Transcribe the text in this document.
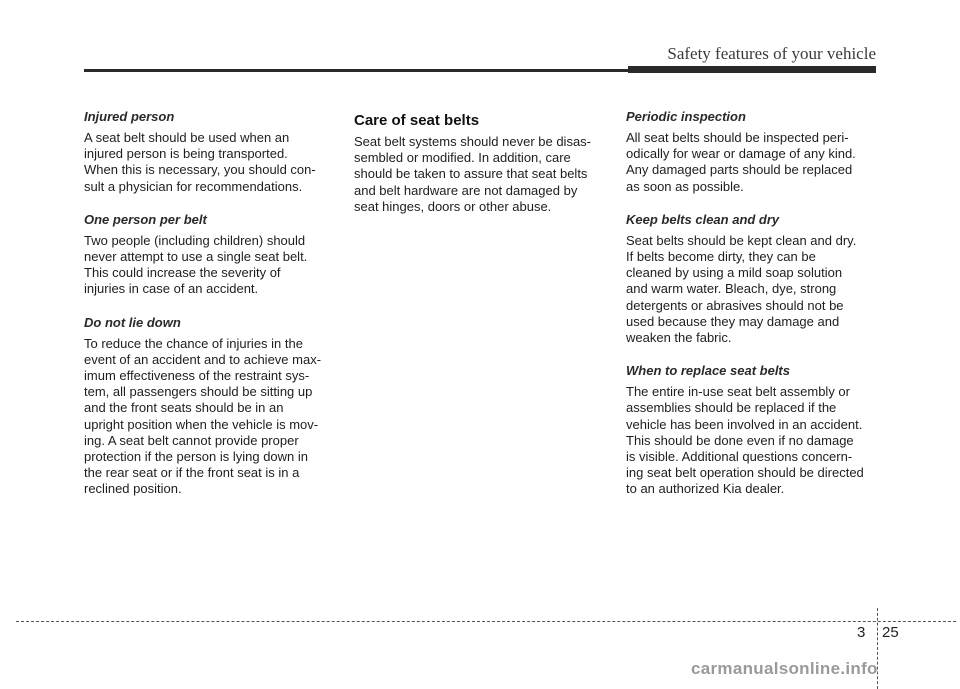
Safety features of your vehicle
Injured person

A seat belt should be used when an
injured person is being transported.
When this is necessary, you should con-
sult a physician for recommendations.

One person per belt

Two people (including children) should
never attempt to use a single seat belt.
This could increase the severity of
injuries in case of an accident.

Do not lie down

To reduce the chance of injuries in the
event of an accident and to achieve max-
imum effectiveness of the restraint sys-
tem, all passengers should be sitting up
and the front seats should be in an
upright position when the vehicle is mov-
ing. A seat belt cannot provide proper
protection if the person is lying down in
the rear seat or if the front seat is in a
reclined position.

Care of seat belts

Seat belt systems should never be disas-
sembled or modified. In addition, care
should be taken to assure that seat belts
and belt hardware are not damaged by
seat hinges, doors or other abuse.

Periodic inspection

All seat belts should be inspected peri-
odically for wear or damage of any kind.
Any damaged parts should be replaced
as soon as possible.

Keep belts clean and dry

Seat belts should be kept clean and dry.
If belts become dirty, they can be
cleaned by using a mild soap solution
and warm water. Bleach, dye, strong
detergents or abrasives should not be
used because they may damage and
weaken the fabric.

When to replace seat belts

The entire in-use seat belt assembly or
assemblies should be replaced if the
vehicle has been involved in an accident.
This should be done even if no damage
is visible. Additional questions concern-
ing seat belt operation should be directed
to an authorized Kia dealer.

3 25
carmanualsonline.info
